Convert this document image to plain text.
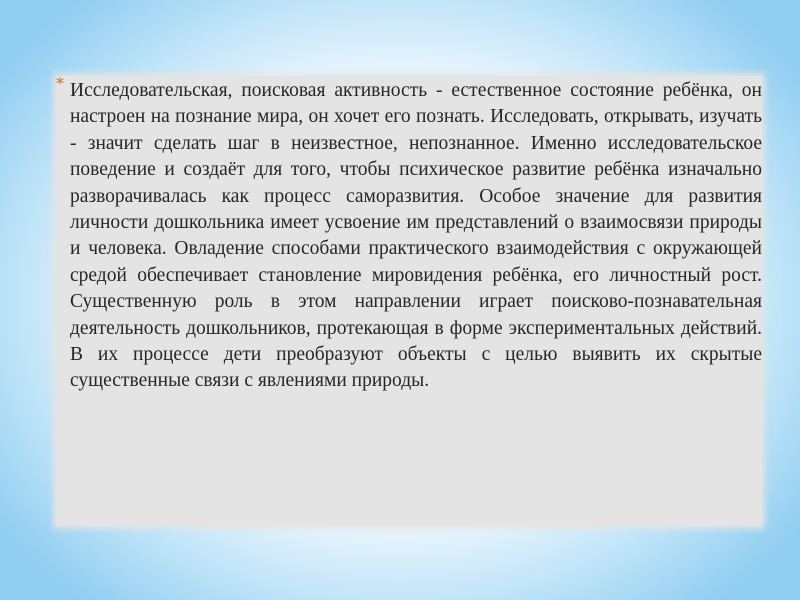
* Исследовательская, поисковая активность - естественное состояние ребёнка, он настроен на познание мира, он хочет его познать. Исследовать, открывать, изучать - значит сделать шаг в неизвестное, непознанное. Именно исследовательское поведение и создаёт для того, чтобы психическое развитие ребёнка изначально разворачивалась как процесс саморазвития. Особое значение для развития личности дошкольника имеет усвоение им представлений о взаимосвязи природы и человека. Овладение способами практического взаимодействия с окружающей средой обеспечивает становление мировидения ребёнка, его личностный рост. Существенную роль в этом направлении играет поисково-познавательная деятельность дошкольников, протекающая в форме экспериментальных действий. В их процессе дети преобразуют объекты с целью выявить их скрытые существенные связи с явлениями природы.
